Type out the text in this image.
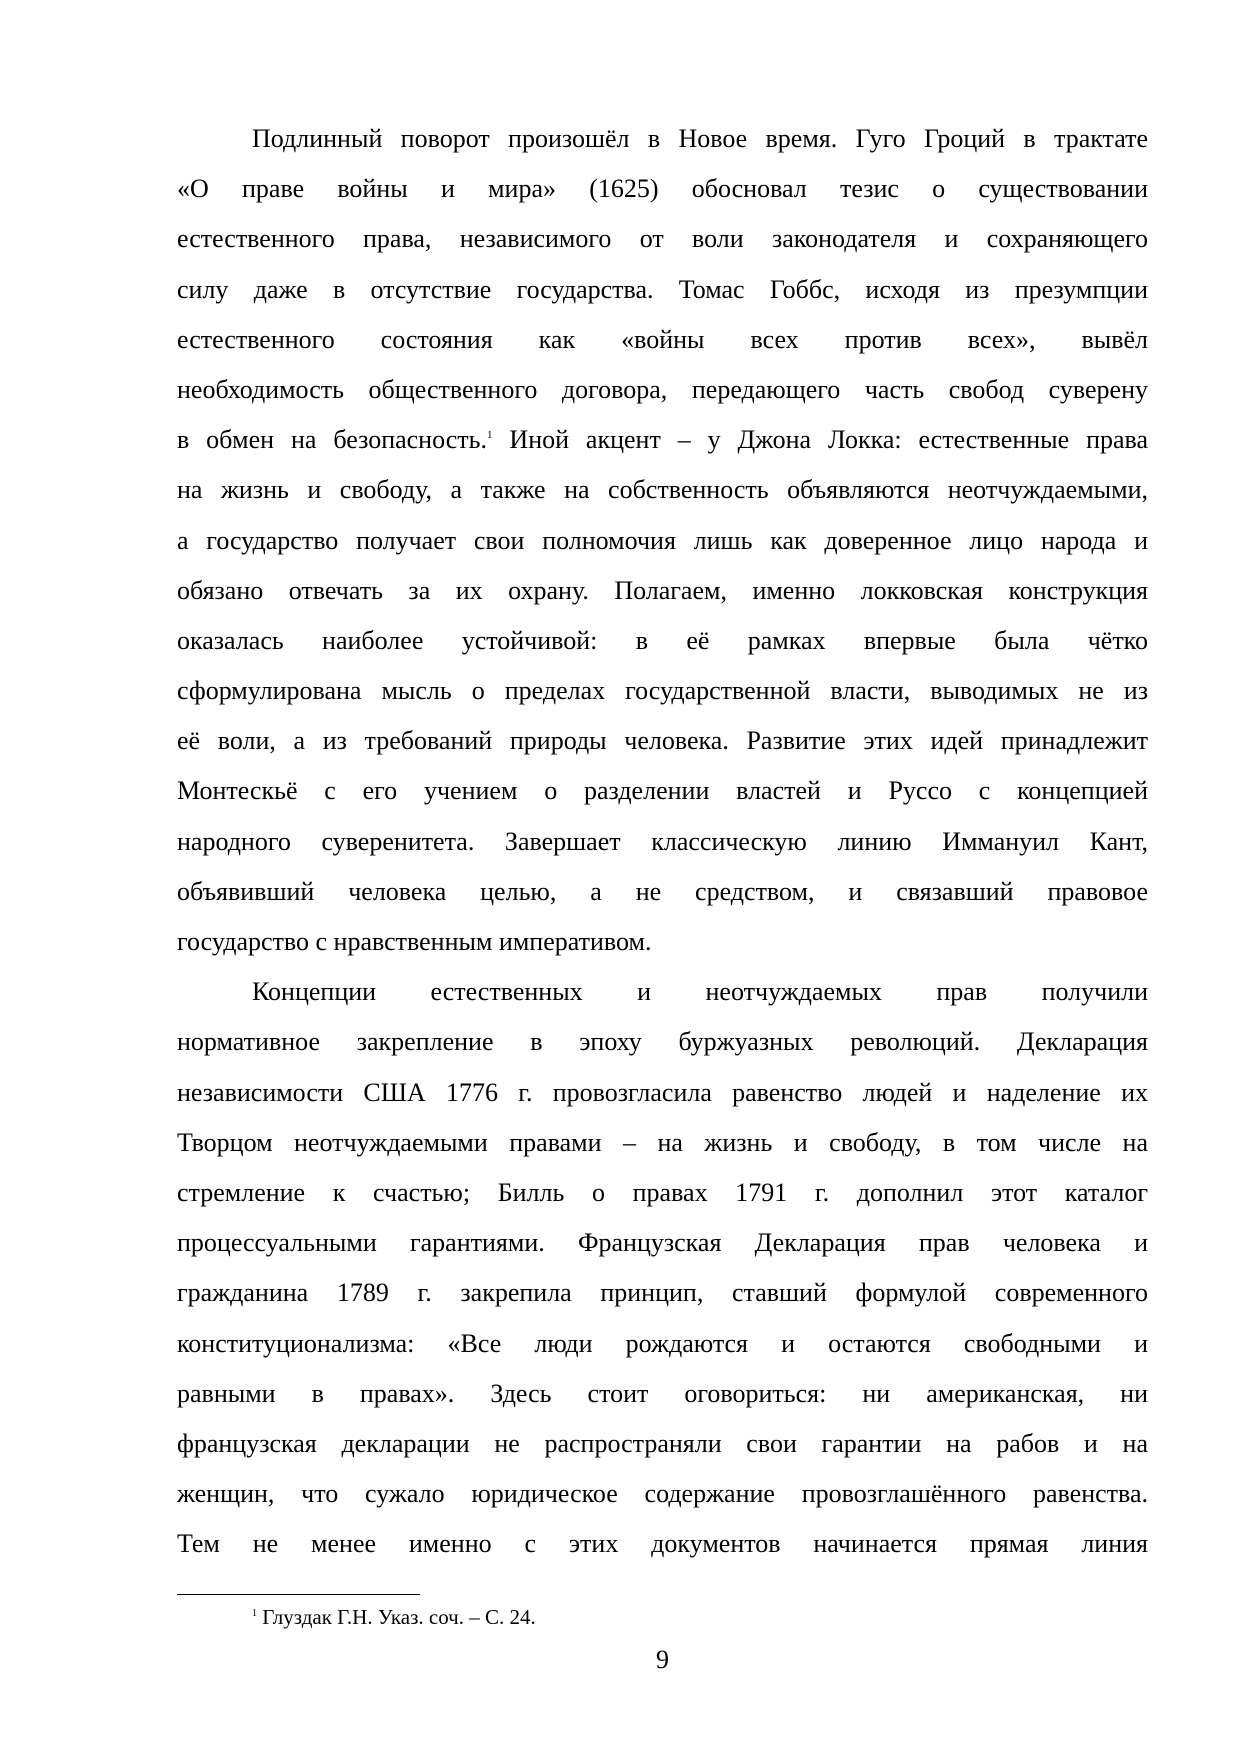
Подлинный поворот произошёл в Новое время. Гуго Гроций в трактате
«О праве войны и мира» (1625) обосновал тезис о существовании
естественного права, независимого от воли законодателя и сохраняющего
силу даже в отсутствие государства. Томас Гоббс, исходя из презумпции
естественного состояния как «войны всех против всех», вывёл
необходимость общественного договора, передающего часть свобод суверену
в обмен на безопасность.$^1$ Иной акцент – у Джона Локка: естественные права
на жизнь и свободу, а также на собственность объявляются неотчуждаемыми,
а государство получает свои полномочия лишь как доверенное лицо народа и
обязано отвечать за их охрану. Полагаем, именно локковская конструкция
оказалась наиболее устойчивой: в её рамках впервые была чётко
сформулирована мысль о пределах государственной власти, выводимых не из
её воли, а из требований природы человека. Развитие этих идей принадлежит
Монтескьё с его учением о разделении властей и Руссо с концепцией
народного суверенитета. Завершает классическую линию Иммануил Кант,
объявивший человека целью, а не средством, и связавший правовое
государство с нравственным императивом.
Концепции естественных и неотчуждаемых прав получили
нормативное закрепление в эпоху буржуазных революций. Декларация
независимости США 1776 г. провозгласила равенство людей и наделение их
Творцом неотчуждаемыми правами – на жизнь и свободу, в том числе на
стремление к счастью; Билль о правах 1791 г. дополнил этот каталог
процессуальными гарантиями. Французская Декларация прав человека и
гражданина 1789 г. закрепила принцип, ставший формулой современного
конституционализма: «Все люди рождаются и остаются свободными и
равными в правах». Здесь стоит оговориться: ни американская, ни
французская декларации не распространяли свои гарантии на рабов и на
женщин, что сужало юридическое содержание провозглашённого равенства.
Тем не менее именно с этих документов начинается прямая линия
$^1$ Глуздак Г.Н. Указ. соч. – С. 24.
9
